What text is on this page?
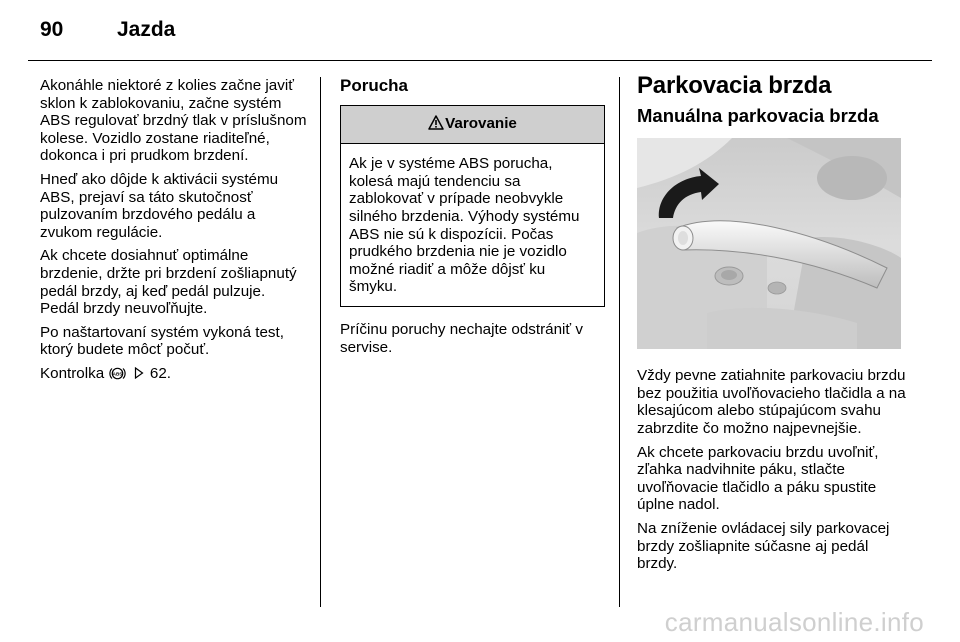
90	Jazda

Akonáhle niektoré z kolies začne javiť sklon k zablokovaniu, začne systém ABS regulovať brzdný tlak v príslušnom kolese. Vozidlo zostane riaditeľné, dokonca i pri prudkom brzdení.

Hneď ako dôjde k aktivácii systému ABS, prejaví sa táto skutočnosť pulzovaním brzdového pedálu a zvukom regulácie.

Ak chcete dosiahnuť optimálne brzdenie, držte pri brzdení zošliapnutý pedál brzdy, aj keď pedál pulzuje. Pedál brzdy neuvoľňujte.

Po naštartovaní systém vykoná test, ktorý budete môcť počuť.

Kontrolka ABS 62.

Porucha
Varovanie
Ak je v systéme ABS porucha, kolesá majú tendenciu sa zablokovať v prípade neobvykle silného brzdenia. Výhody systému ABS nie sú k dispozícii. Počas prudkého brzdenia nie je vozidlo možné riadiť a môže dôjsť ku šmyku.

Príčinu poruchy nechajte odstrániť v servise.

Parkovacia brzda
Manuálna parkovacia brzda

Vždy pevne zatiahnite parkovaciu brzdu bez použitia uvoľňovacieho tlačidla a na klesajúcom alebo stúpajúcom svahu zabrzdite čo možno najpevnejšie.

Ak chcete parkovaciu brzdu uvoľniť, zľahka nadvihnite páku, stlačte uvoľňovacie tlačidlo a páku spustite úplne nadol.

Na zníženie ovládacej sily parkovacej brzdy zošliapnite súčasne aj pedál brzdy.

carmanualsonline.info
